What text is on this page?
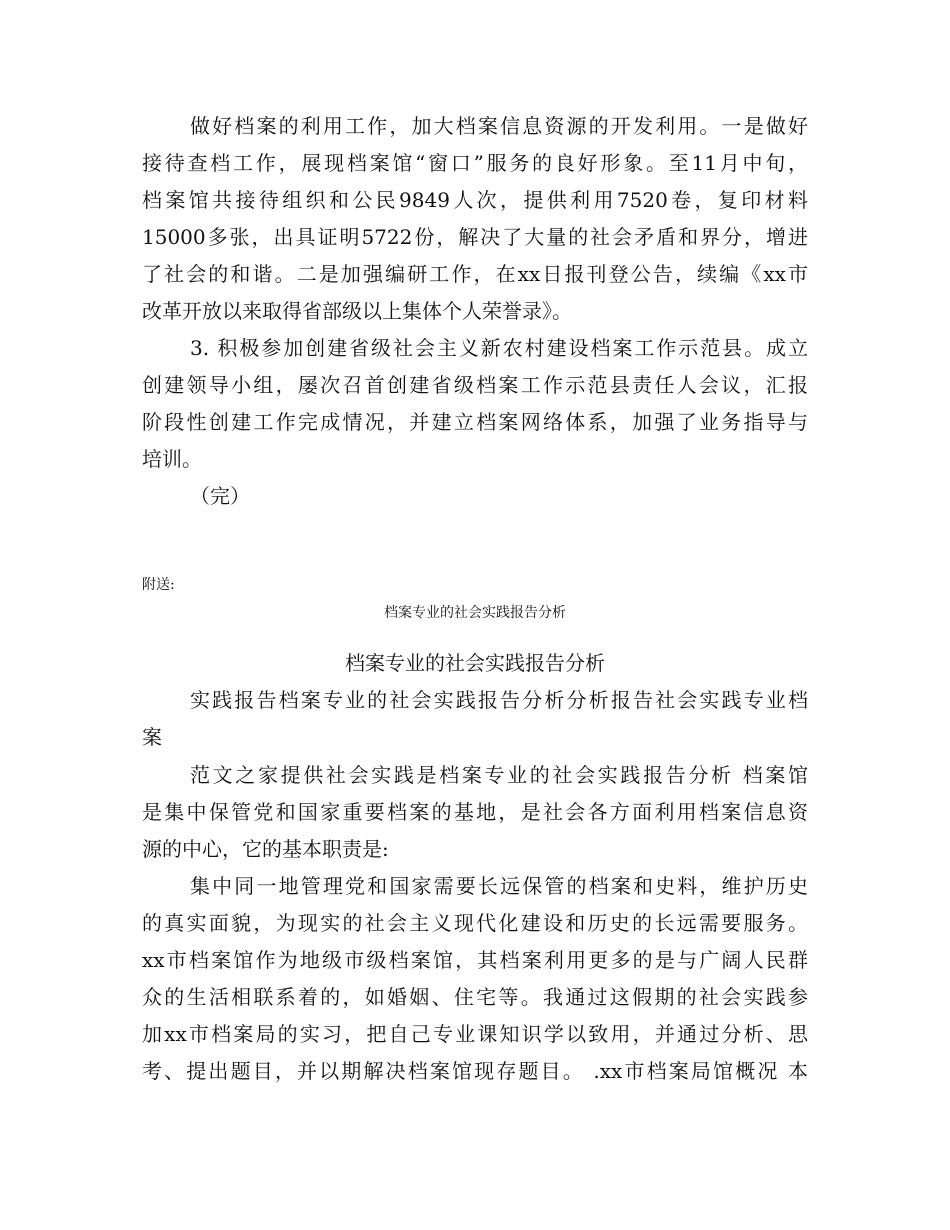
做好档案的利用工作，加大档案信息资源的开发利用。一是做好
接待查档工作，展现档案馆“窗口”服务的良好形象。至11月中旬，
档案馆共接待组织和公民9849人次，提供利用7520卷，复印材料
15000多张，出具证明5722份，解决了大量的社会矛盾和界分，增进
了社会的和谐。二是加强编研工作，在xx日报刊登公告，续编《xx市
改革开放以来取得省部级以上集体个人荣誉录》。
3. 积极参加创建省级社会主义新农村建设档案工作示范县。成立
创建领导小组，屡次召首创建省级档案工作示范县责任人会议，汇报
阶段性创建工作完成情况，并建立档案网络体系，加强了业务指导与
培训。
（完）
附送:
档案专业的社会实践报告分析
档案专业的社会实践报告分析
实践报告档案专业的社会实践报告分析分析报告社会实践专业档
案
范文之家提供社会实践是档案专业的社会实践报告分析 档案馆
是集中保管党和国家重要档案的基地，是社会各方面利用档案信息资
源的中心，它的基本职责是:
集中同一地管理党和国家需要长远保管的档案和史料，维护历史
的真实面貌，为现实的社会主义现代化建设和历史的长远需要服务。
xx市档案馆作为地级市级档案馆，其档案利用更多的是与广阔人民群
众的生活相联系着的，如婚姻、住宅等。我通过这假期的社会实践参
加xx市档案局的实习，把自己专业课知识学以致用，并通过分析、思
考、提出题目，并以期解决档案馆现存题目。 .xx市档案局馆概况 本
